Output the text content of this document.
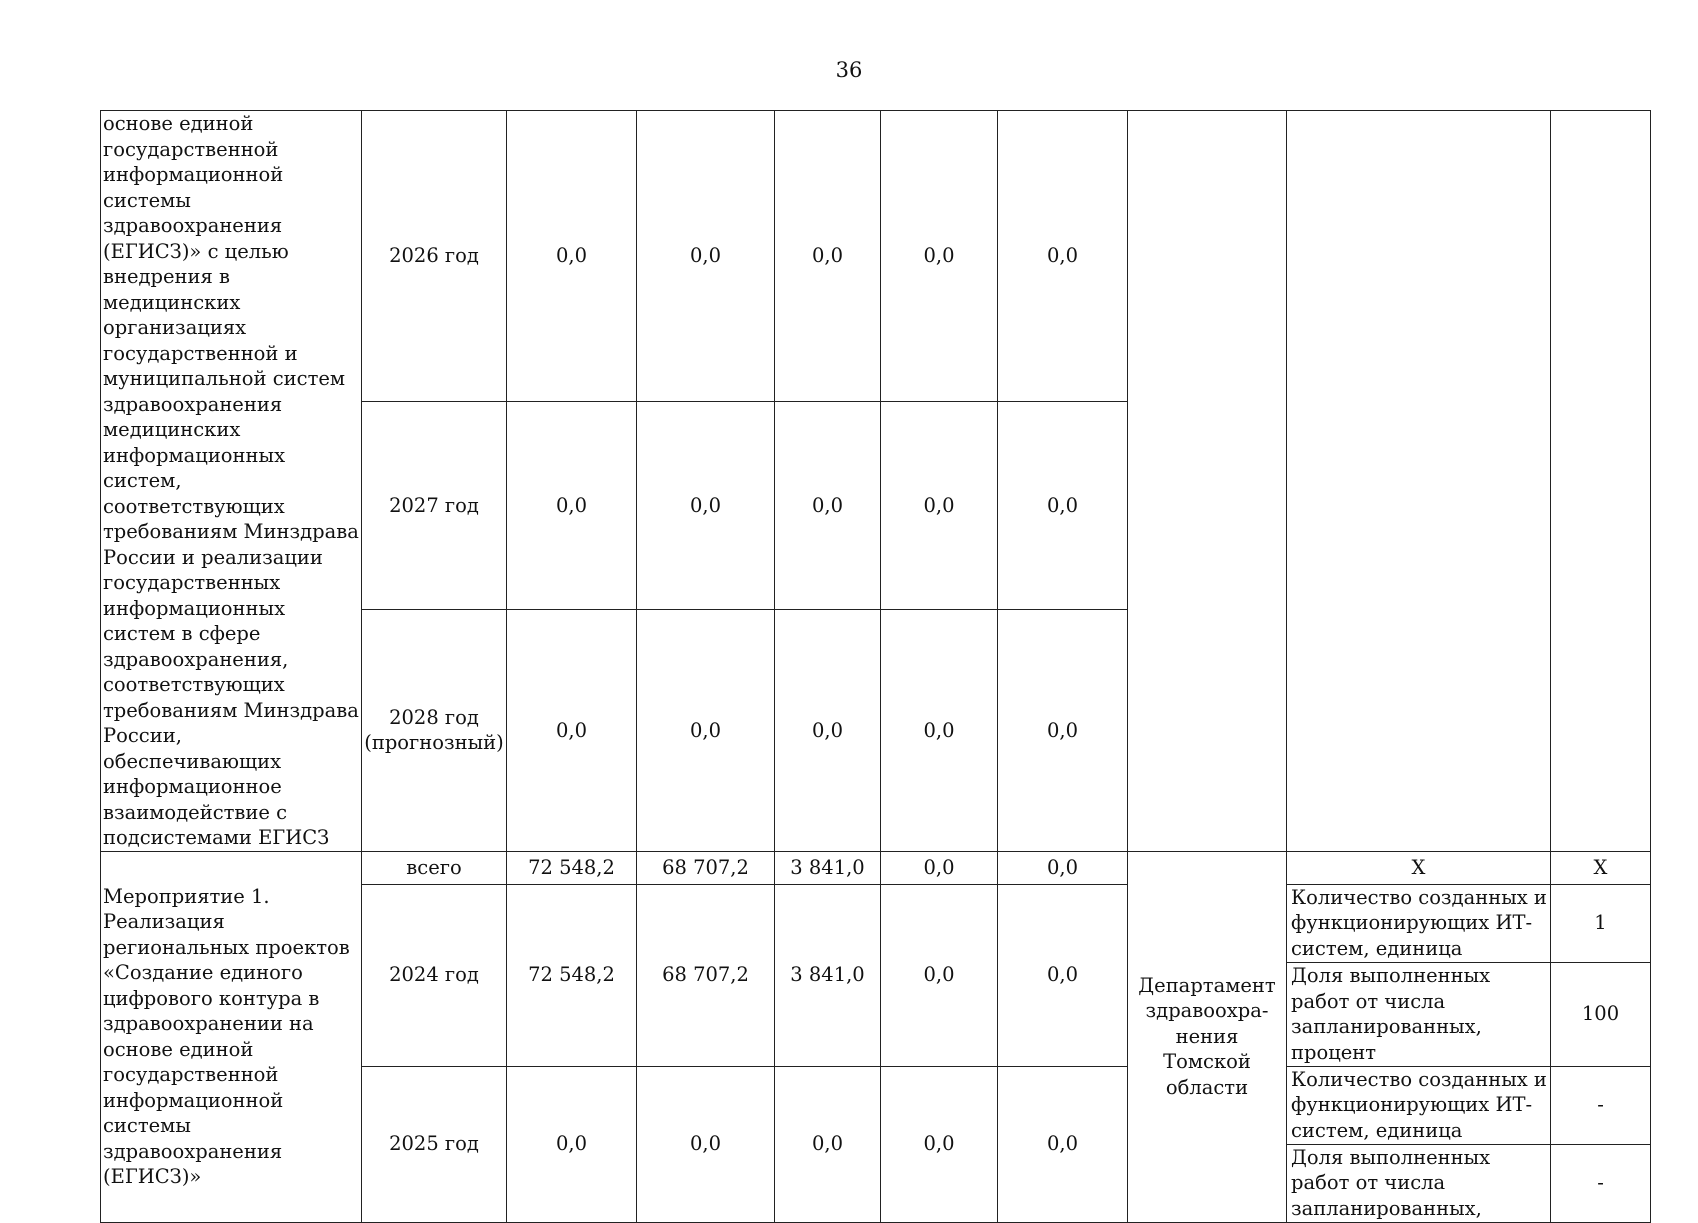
36
основе единой государственной информационной системы здравоохранения (ЕГИСЗ)» с целью внедрения в медицинских организациях государственной и муниципальной систем здравоохранения медицинских информационных систем, соответствующих требованиям Минздрава России и реализации государственных информационных систем в сфере здравоохранения, соответствующих требованиям Минздрава России, обеспечивающих информационное взаимодействие с подсистемами ЕГИСЗ	2026 год	0,0	0,0	0,0	0,0	0,0			
	2027 год	0,0	0,0	0,0	0,0	0,0			
	2028 год (прогнозный)	0,0	0,0	0,0	0,0	0,0			
Мероприятие 1. Реализация региональных проектов «Создание единого цифрового контура в здравоохранении на основе единой государственной информационной системы здравоохранения (ЕГИСЗ)»	всего	72 548,2	68 707,2	3 841,0	0,0	0,0	Департамент здравоохра-нения Томской области	Х	Х
	2024 год	72 548,2	68 707,2	3 841,0	0,0	0,0		Количество созданных и функционирующих ИТ-систем, единица	1
								Доля выполненных работ от числа запланированных, процент	100
	2025 год	0,0	0,0	0,0	0,0	0,0		Количество созданных и функционирующих ИТ-систем, единица	-
								Доля выполненных работ от числа запланированных,	-
